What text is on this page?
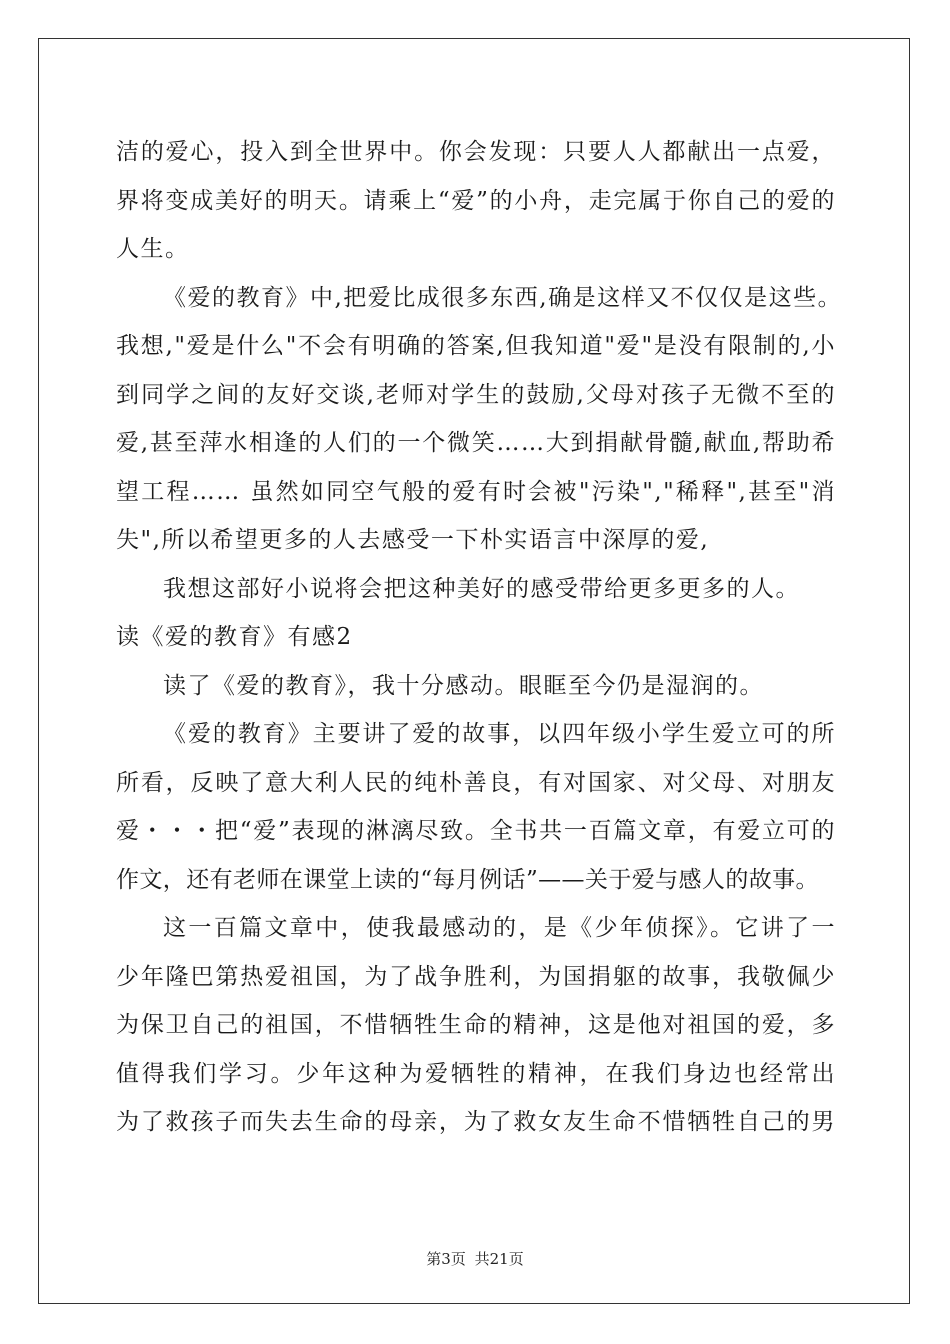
洁的爱心，投入到全世界中。你会发现：只要人人都献出一点爱，
界将变成美好的明天。请乘上“爱”的小舟，走完属于你自己的爱的
人生。
《爱的教育》中,把爱比成很多东西,确是这样又不仅仅是这些。
我想,"爱是什么"不会有明确的答案,但我知道"爱"是没有限制的,小
到同学之间的友好交谈,老师对学生的鼓励,父母对孩子无微不至的
爱,甚至萍水相逢的人们的一个微笑……大到捐献骨髓,献血,帮助希
望工程…… 虽然如同空气般的爱有时会被"污染","稀释",甚至"消
失",所以希望更多的人去感受一下朴实语言中深厚的爱,
我想这部好小说将会把这种美好的感受带给更多更多的人。
读《爱的教育》有感2
读了《爱的教育》，我十分感动。眼眶至今仍是湿润的。
《爱的教育》主要讲了爱的故事，以四年级小学生爱立可的所
所看，反映了意大利人民的纯朴善良，有对国家、对父母、对朋友
爱・・・把“爱”表现的淋漓尽致。全书共一百篇文章，有爱立可的
作文，还有老师在课堂上读的“每月例话”——关于爱与感人的故事。
这一百篇文章中，使我最感动的，是《少年侦探》。它讲了一
少年隆巴第热爱祖国，为了战争胜利，为国捐躯的故事，我敬佩少
为保卫自己的祖国，不惜牺牲生命的精神，这是他对祖国的爱，多
值得我们学习。少年这种为爱牺牲的精神，在我们身边也经常出
为了救孩子而失去生命的母亲，为了救女友生命不惜牺牲自己的男
第3页 共21页
